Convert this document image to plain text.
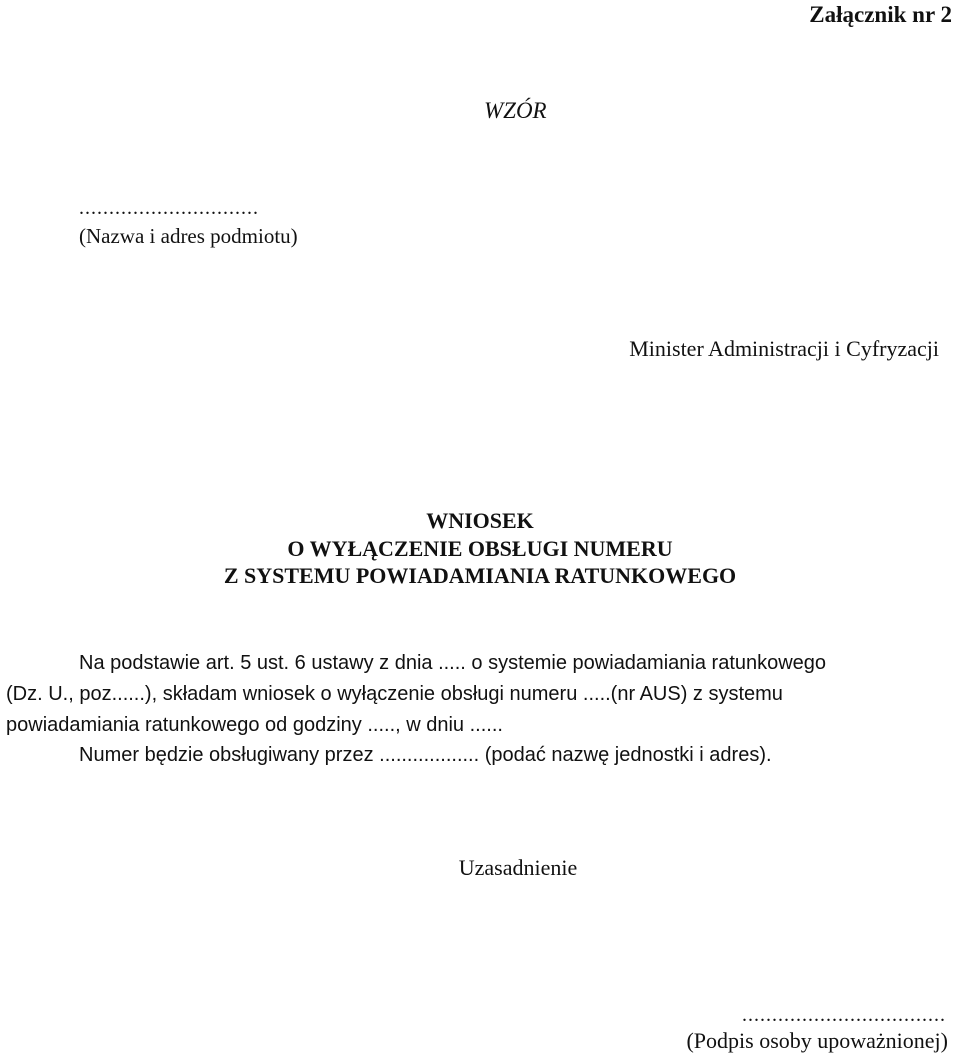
Załącznik nr 2
WZÓR
..............................
(Nazwa i adres podmiotu)
Minister Administracji i Cyfryzacji
WNIOSEK
O WYŁĄCZENIE OBSŁUGI NUMERU
Z SYSTEMU POWIADAMIANIA RATUNKOWEGO
Na podstawie art. 5 ust. 6 ustawy z dnia ..... o systemie powiadamiania ratunkowego
(Dz. U., poz......), składam wniosek o wyłączenie obsługi numeru .....(nr AUS) z systemu
powiadamiania ratunkowego od godziny ....., w dniu ......
Numer będzie obsługiwany przez .................. (podać nazwę jednostki i adres).
Uzasadnienie
..................................
(Podpis osoby upoważnionej)
